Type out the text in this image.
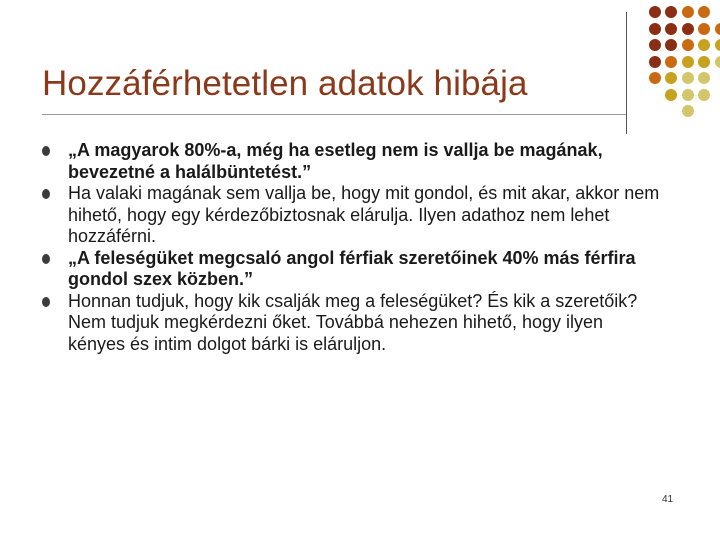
Hozzáférhetetlen adatok hibája
„A magyarok 80%-a, még ha esetleg nem is vallja be magának, bevezetné a halálbüntetést.”
Ha valaki magának sem vallja be, hogy mit gondol, és mit akar, akkor nem hihető, hogy egy kérdezőbiztosnak elárulja. Ilyen adathoz nem lehet hozzáférni.
„A feleségüket megcsaló angol férfiak szeretőinek 40% más férfira gondol szex közben.”
Honnan tudjuk, hogy kik csalják meg a feleségüket? És kik a szeretőik? Nem tudjuk megkérdezni őket. Továbbá nehezen hihető, hogy ilyen kényes és intim dolgot bárki is eláruljon.
41
